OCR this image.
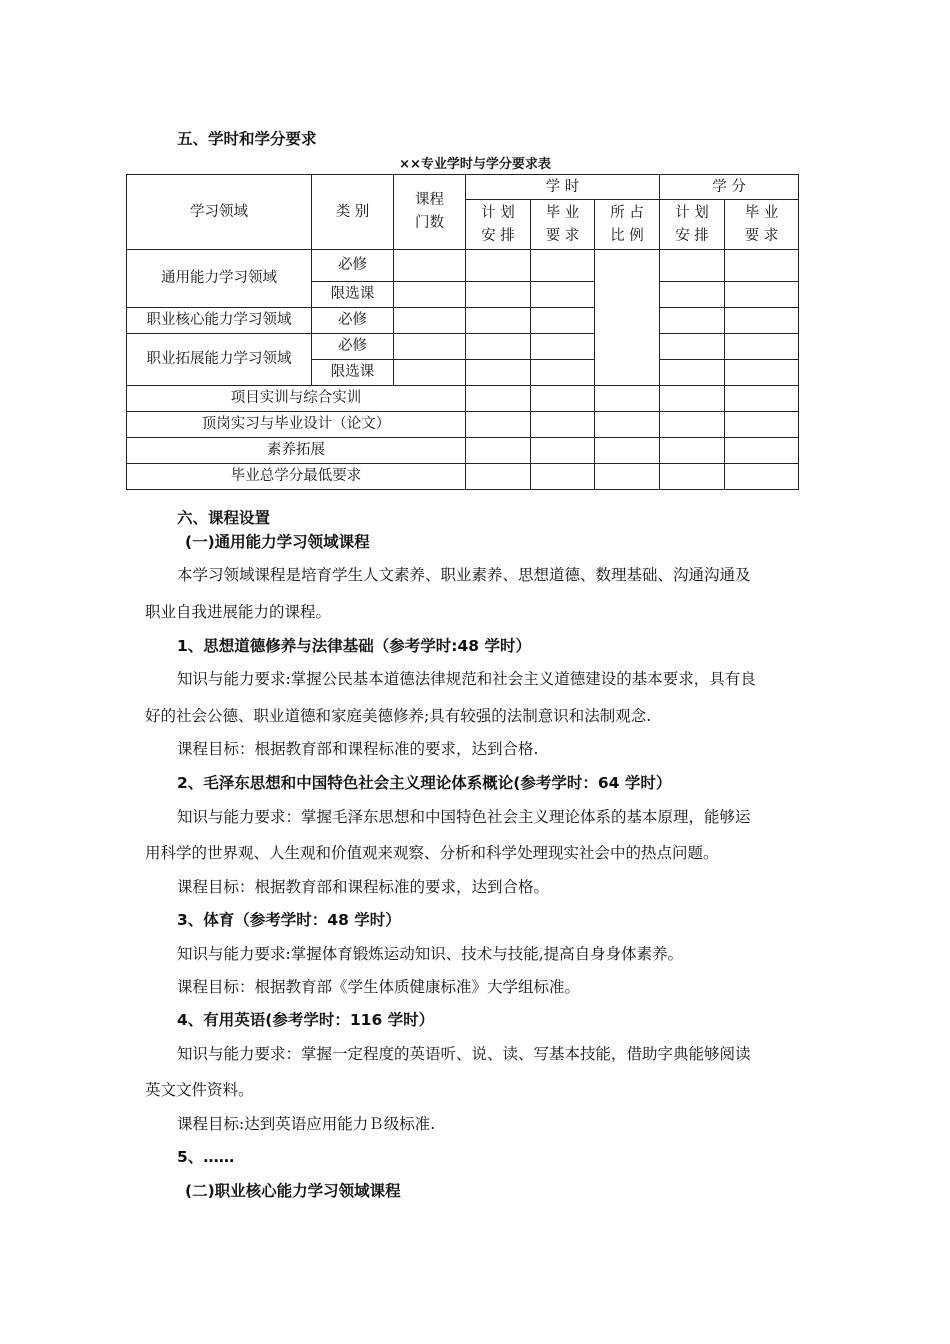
五、学时和学分要求
××专业学时与学分要求表
学习领域	类 别	课程门数	学 时			学 分	
			计 划 安 排	毕 业 要 求	所 占 比 例	计 划 安 排	毕 业 要 求
通用能力学习领域	必修						
	限选课						
职业核心能力学习领域	必修						
职业拓展能力学习领域	必修						
	限选课						
项目实训与综合实训							
顶岗实习与毕业设计（论文）							
素养拓展							
毕业总学分最低要求							
六、课程设置
(一)通用能力学习领域课程
本学习领域课程是培育学生人文素养、职业素养、思想道德、数理基础、沟通沟通及
职业自我进展能力的课程。
1、思想道德修养与法律基础（参考学时:48 学时）
知识与能力要求:掌握公民基本道德法律规范和社会主义道德建设的基本要求，具有良
好的社会公德、职业道德和家庭美德修养;具有较强的法制意识和法制观念.
课程目标：根据教育部和课程标准的要求，达到合格.
2、毛泽东思想和中国特色社会主义理论体系概论(参考学时：64 学时）
知识与能力要求：掌握毛泽东思想和中国特色社会主义理论体系的基本原理，能够运
用科学的世界观、人生观和价值观来观察、分析和科学处理现实社会中的热点问题。
课程目标：根据教育部和课程标准的要求，达到合格。
3、体育（参考学时：48 学时）
知识与能力要求:掌握体育锻炼运动知识、技术与技能,提高自身身体素养。
课程目标：根据教育部《学生体质健康标准》大学组标准。
4、有用英语(参考学时：116 学时）
知识与能力要求：掌握一定程度的英语听、说、读、写基本技能，借助字典能够阅读
英文文件资料。
课程目标:达到英语应用能力Ｂ级标准.
5、……
(二)职业核心能力学习领域课程
